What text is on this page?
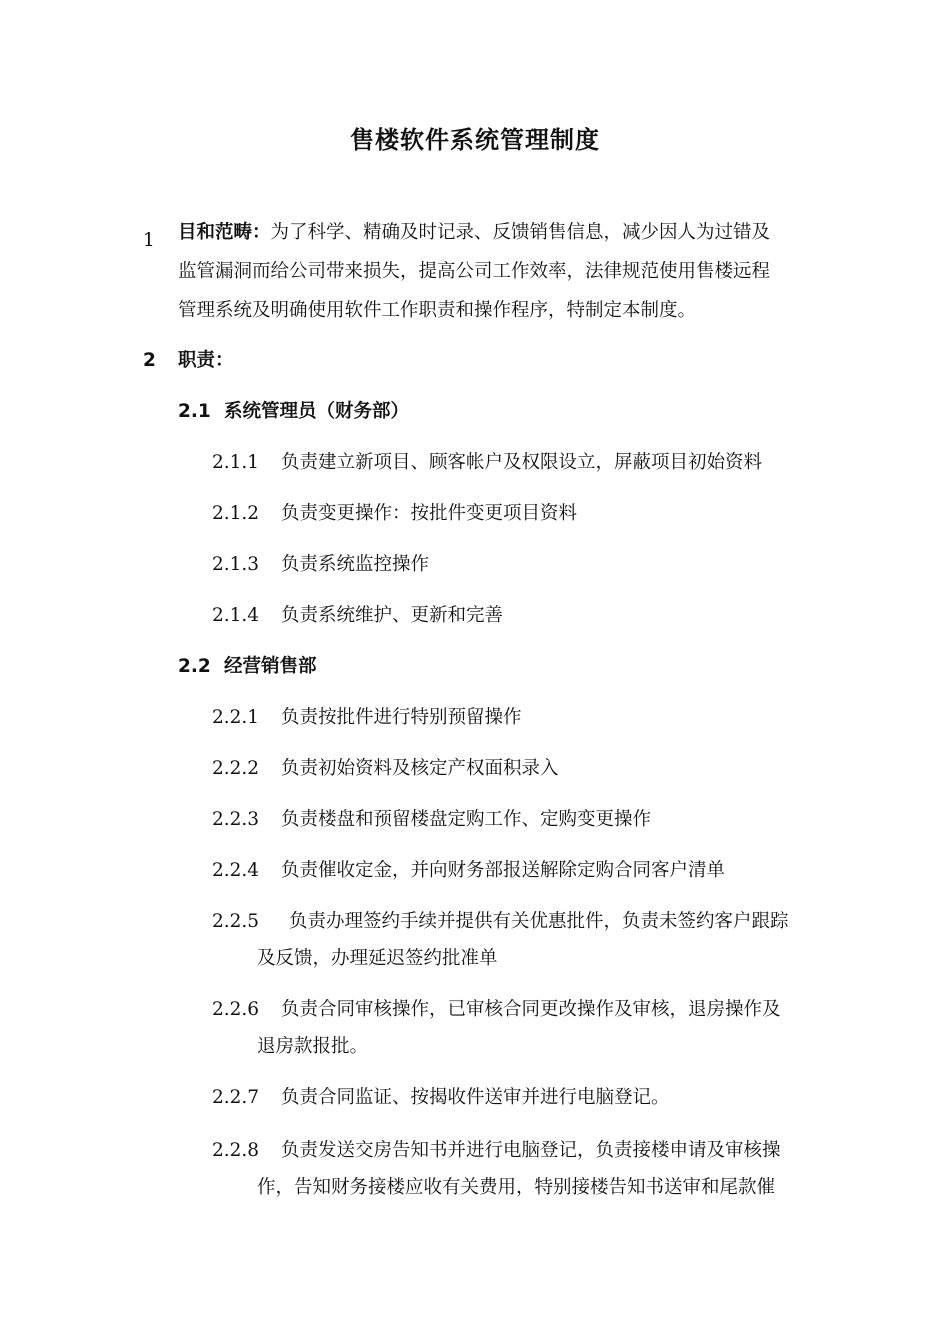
售楼软件系统管理制度
1 目和范畴：为了科学、精确及时记录、反馈销售信息，减少因人为过错及
监管漏洞而给公司带来损失，提高公司工作效率，法律规范使用售楼远程
管理系统及明确使用软件工作职责和操作程序，特制定本制度。
2 职责：
2.1 系统管理员（财务部）
2.1.1 负责建立新项目、顾客帐户及权限设立，屏蔽项目初始资料
2.1.2 负责变更操作：按批件变更项目资料
2.1.3 负责系统监控操作
2.1.4 负责系统维护、更新和完善
2.2 经营销售部
2.2.1 负责按批件进行特别预留操作
2.2.2 负责初始资料及核定产权面积录入
2.2.3 负责楼盘和预留楼盘定购工作、定购变更操作
2.2.4 负责催收定金，并向财务部报送解除定购合同客户清单
2.2.5 负责办理签约手续并提供有关优惠批件，负责未签约客户跟踪
及反馈，办理延迟签约批准单
2.2.6 负责合同审核操作，已审核合同更改操作及审核，退房操作及
退房款报批。
2.2.7 负责合同监证、按揭收件送审并进行电脑登记。
2.2.8 负责发送交房告知书并进行电脑登记，负责接楼申请及审核操
作，告知财务接楼应收有关费用，特别接楼告知书送审和尾款催
